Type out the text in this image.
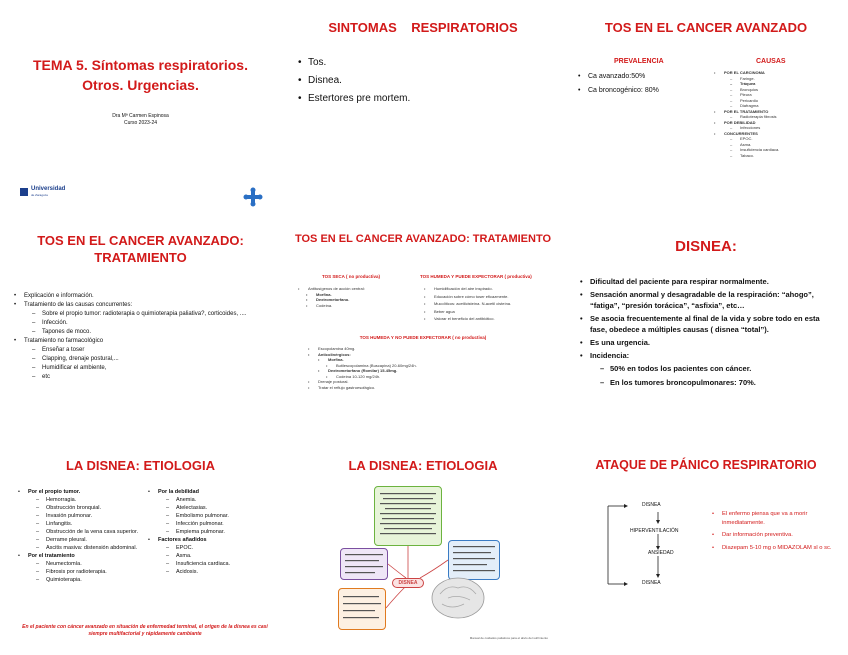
TEMA 5. Síntomas respiratorios. Otros. Urgencias.
Dra Mª Carmen Espinosa
Curso 2023-24
Universidad
de Zaragoza
SINTOMAS    RESPIRATORIOS
• Tos.
• Disnea.
• Estertores pre mortem.
TOS EN EL CANCER AVANZADO
PREVALENCIA
• Ca avanzado:50%
• Ca broncogénico: 80%
CAUSAS
• POR EL CARCINOMA
– Faringe.
– Tráquea
– Bronquios
– Pleura
– Pericardio
– Diafragma
• POR EL TRATAMIENTO
– Radioterapia fibrosis
• POR DEBILIDAD
– Infecciones
• CONCURRENTES
– EPOC.
– Asma.
– Insuficiencia cardiaca.
– Tabaco.
TOS EN EL CANCER AVANZADO: TRATAMIENTO
• Explicación e información.
• Tratamiento de las causas concurrentes:
– Sobre el propio tumor: radioterapia o quimioterapia paliativa?, corticoides, ....
– Infección.
– Tapones de moco.
• Tratamiento no farmacológico
– Enseñar a toser
– Clapping, drenaje postural,...
– Humidificar el ambiente,
– etc
TOS EN EL CANCER AVANZADO: TRATAMIENTO
TOS SECA ( no productiva)
• Antitusígenos de acción central:
• Morfina.
• Dextrometorfano.
• Codeína.
TOS HUMEDA Y PUEDE EXPECTORAR ( productiva)
• Humidificación del aire inspirado.
• Educación sobre cómo toser eficazmente.
• Mucolíticos: acetilcisteína. N-acetil cisteína.
• Beber agua
• Valorar el beneficio del antibiótico.
TOS HUMEDA Y NO PUEDE EXPECTORAR ( no productiva)
• Escopolamina 40mg.
• Anticolinérgicos:
• Morfina.
• Butilescopolamina (Buscapina) 20-60mg/24h.
• Dextrometorfano (Romilar) 15-45mg.
• Codeína 10-120 mg/24h.
• Drenaje postural.
• Tratar el reflujo gastroesofágico.
DISNEA:
• Dificultad del paciente para respirar normalmente.
• Sensación anormal y desagradable de la respiración: “ahogo”, “fatiga”, “presión torácica”, “asfixia”, etc…
• Se asocia frecuentemente al final de la vida y sobre todo en esta fase, obedece a múltiples causas ( disnea “total”).
• Es una urgencia.
• Incidencia:
– 50% en todos los pacientes con cáncer.
– En los tumores broncopulmonares: 70%.
LA DISNEA: ETIOLOGIA
• Por el propio tumor.
– Hemorragia.
– Obstrucción bronquial.
– Invasión pulmonar.
– Linfangitis.
– Obstrucción de la vena cava superior.
– Derrame pleural.
– Ascitis masiva: distensión abdominal.
• Por el tratamiento
– Neumectomía.
– Fibrosis por radioterapia.
– Quimioterapia.
• Por la debilidad
– Anemia.
– Atelectasias.
– Embolismo pulmonar.
– Infección pulmonar.
– Empiema pulmonar.
• Factores añadidos
– EPOC.
– Asma.
– Insuficiencia cardiaca.
– Acidosis.
En el paciente con cáncer avanzado en situación de enfermedad terminal, el origen de la disnea es casi siempre multifactorial y rápidamente cambiante
LA DISNEA: ETIOLOGIA
DISNEA
Manual de cuidados paliativos para el alivio del sufrimiento
ATAQUE DE PÁNICO RESPIRATORIO
DISNEA
HIPERVENTILACIÓN
ANSIEDAD
DISNEA
• El enfermo piensa que va a morir inmediatamente.
• Dar información preventiva.
• Diazepam 5-10 mg o MIDAZOLAM sl o sc.
